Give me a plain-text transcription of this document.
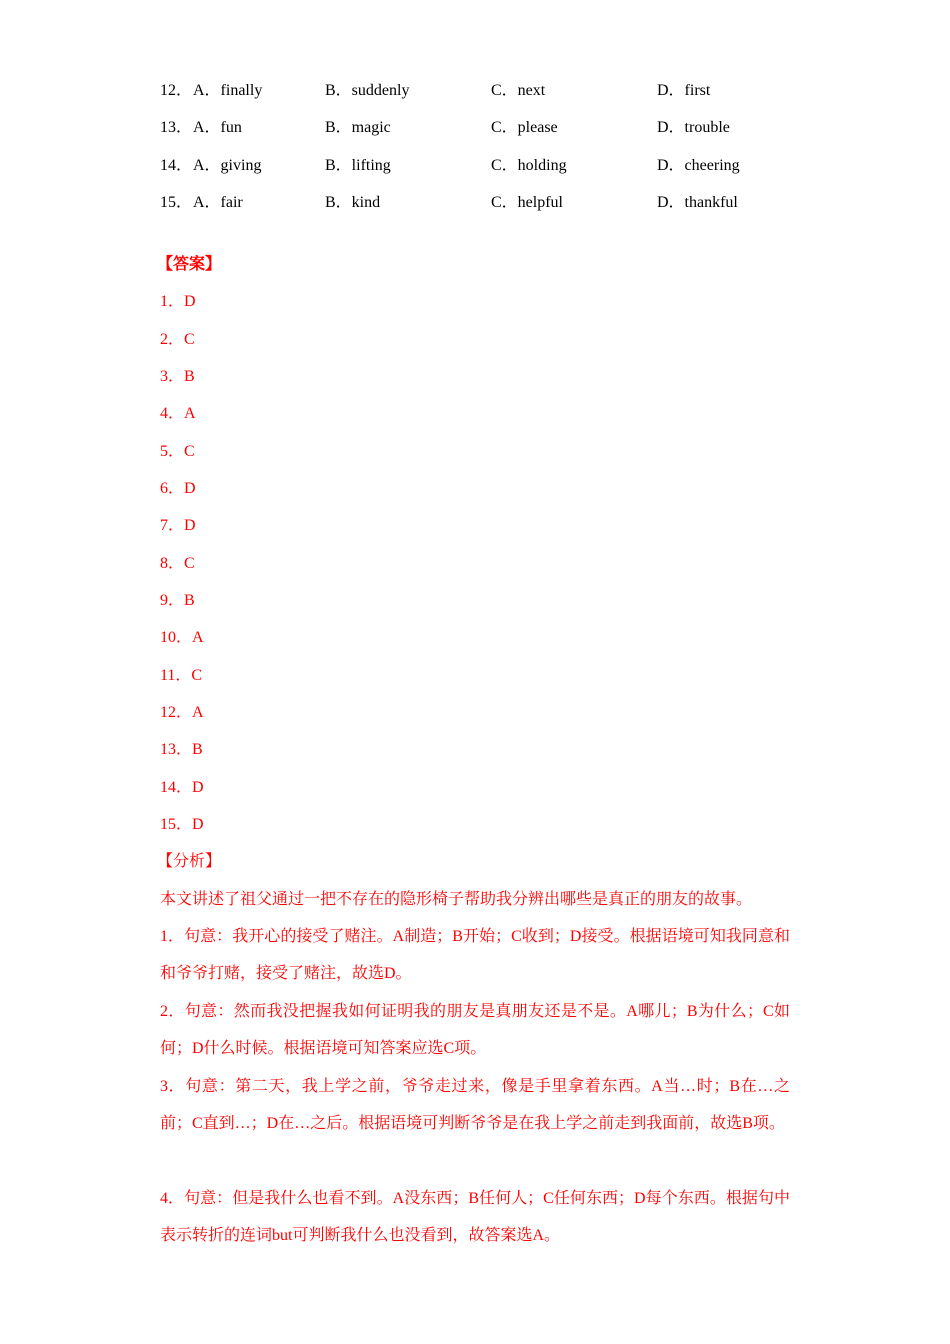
12． A．finally	B．suddenly	C．next	D．first
13． A．fun	B．magic	C．please	D．trouble
14． A．giving	B．lifting	C．holding	D．cheering
15． A．fair	B．kind	C．helpful	D．thankful
【答案】
1．D
2．C
3．B
4．A
5．C
6．D
7．D
8．C
9．B
10．A
11．C
12．A
13．B
14．D
15．D
【分析】
本文讲述了祖父通过一把不存在的隐形椅子帮助我分辨出哪些是真正的朋友的故事。
1．句意：我开心的接受了赌注。A制造；B开始；C收到；D接受。根据语境可知我同意和和爷爷打赌，接受了赌注，故选D。
2．句意：然而我没把握我如何证明我的朋友是真朋友还是不是。A哪儿；B为什么；C如何；D什么时候。根据语境可知答案应选C项。
3．句意：第二天，我上学之前，爷爷走过来，像是手里拿着东西。A当…时；B在…之前；C直到…；D在…之后。根据语境可判断爷爷是在我上学之前走到我面前，故选B项。
4．句意：但是我什么也看不到。A没东西；B任何人；C任何东西；D每个东西。根据句中表示转折的连词but可判断我什么也没看到，故答案选A。
